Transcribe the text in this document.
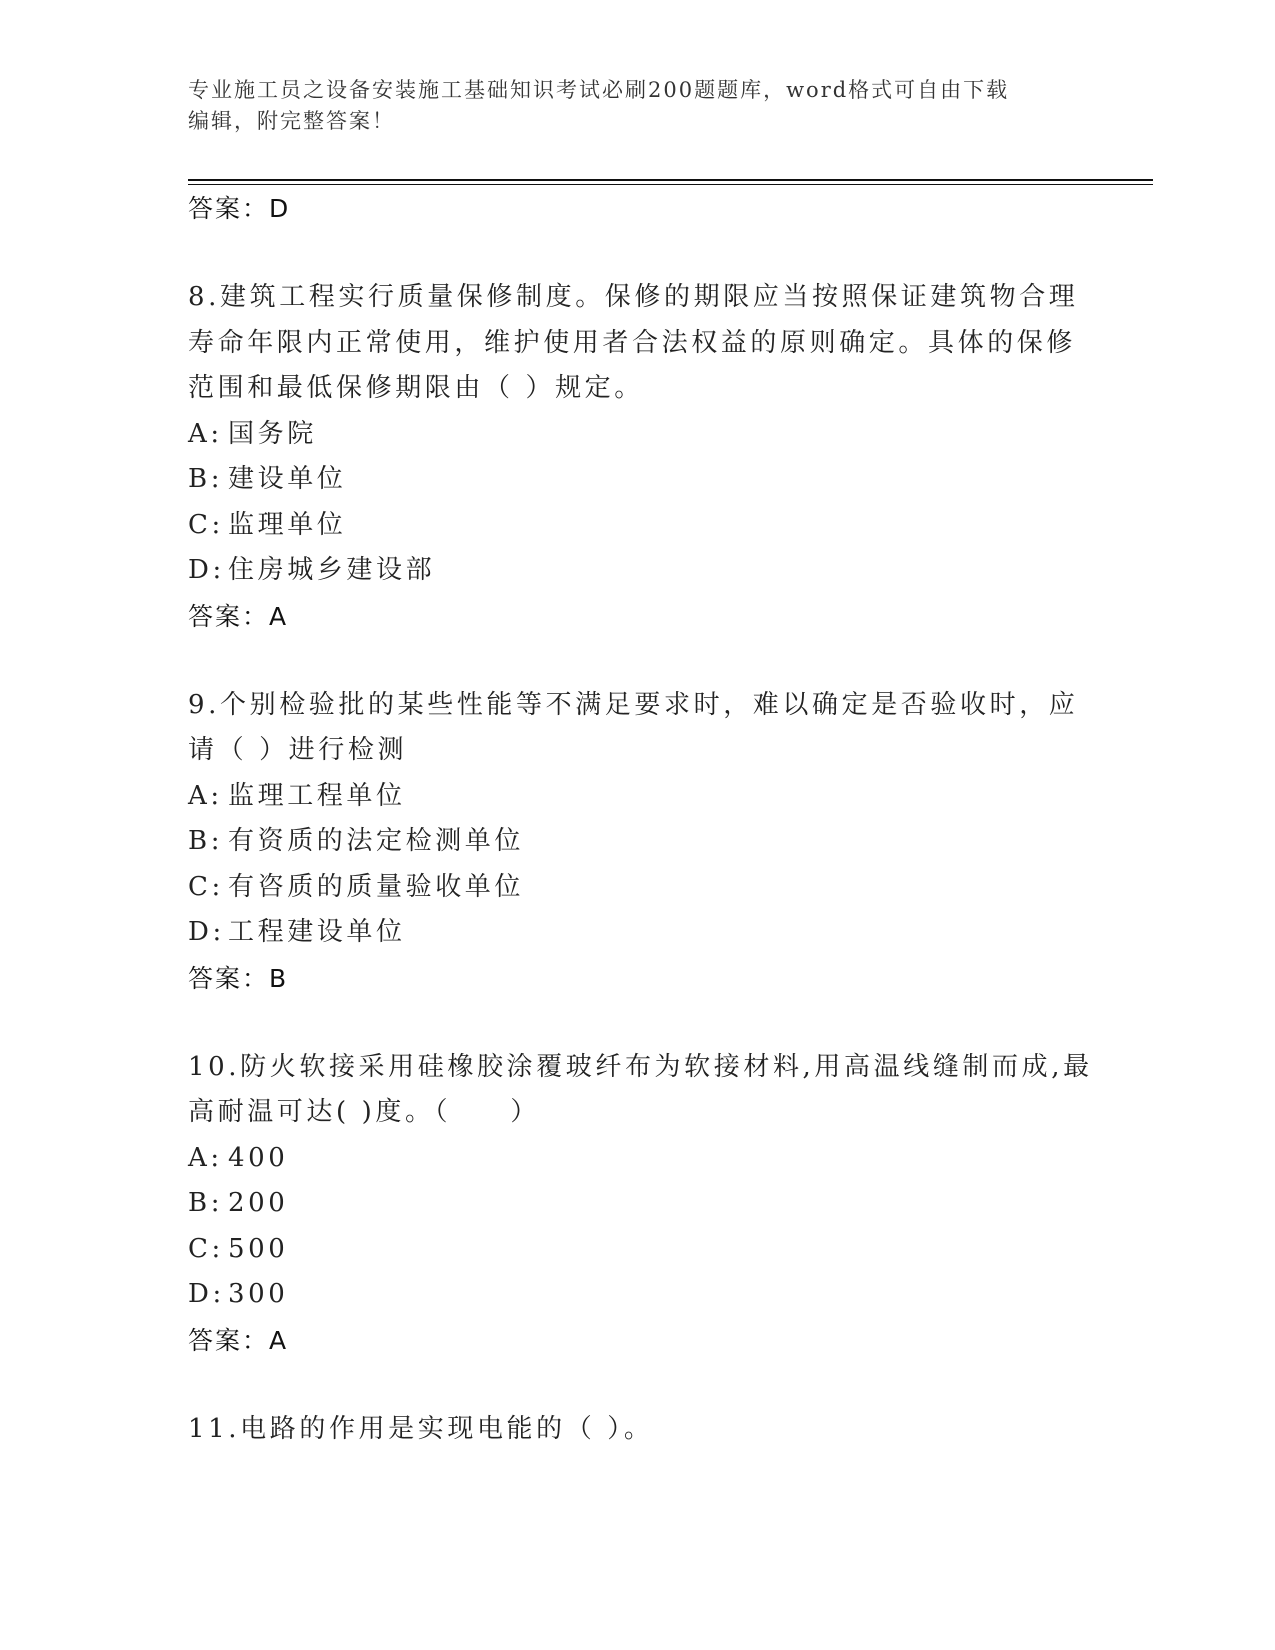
专业施工员之设备安装施工基础知识考试必刷200题题库，word格式可自由下载
编辑，附完整答案！

答案：D

8.建筑工程实行质量保修制度。保修的期限应当按照保证建筑物合理
寿命年限内正常使用，维护使用者合法权益的原则确定。具体的保修
范围和最低保修期限由（ ）规定。
A: 国务院
B: 建设单位
C: 监理单位
D: 住房城乡建设部

答案：A

9.个别检验批的某些性能等不满足要求时，难以确定是否验收时，应
请（ ）进行检测
A: 监理工程单位
B: 有资质的法定检测单位
C: 有咨质的质量验收单位
D: 工程建设单位

答案：B

10.防火软接采用硅橡胶涂覆玻纤布为软接材料,用高温线缝制而成,最
高耐温可达( )度。（　　）
A: 400
B: 200
C: 500
D: 300

答案：A

11.电路的作用是实现电能的（ ）。
